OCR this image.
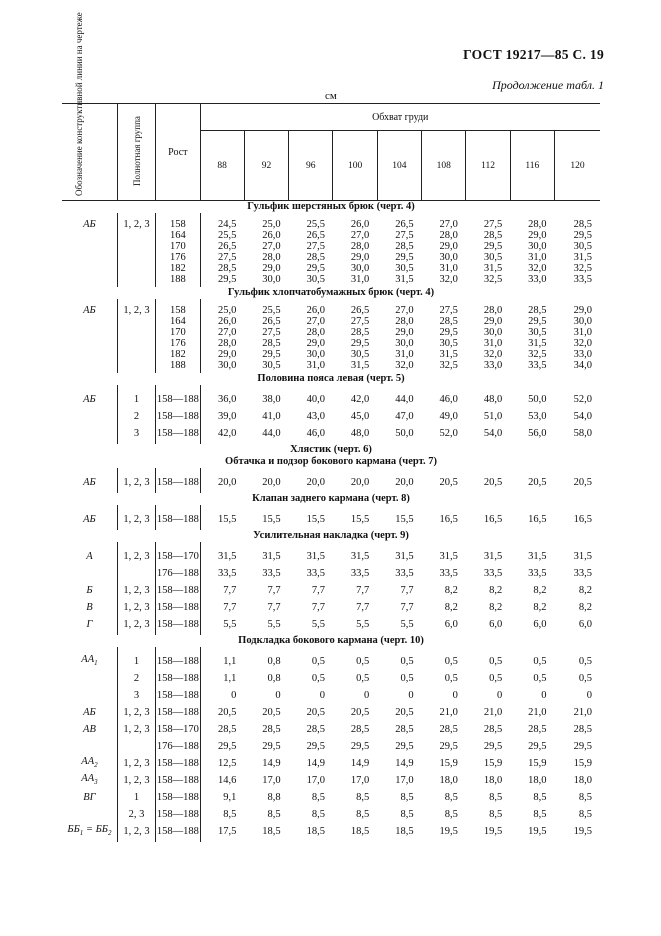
ГОСТ 19217—85 С. 19
Продолжение табл. 1
см
Обозначение конструктивной линии на чертеже	Полнотная группа	Рост	Обхват груди								
			88	92	96	100	104	108	112	116	120

Гульфик шерстяных брюк (черт. 4)											

АБ	1, 2, 3	158	24,5	25,0	25,5	26,0	26,5	27,0	27,5	28,0	28,5
		164	25,5	26,0	26,5	27,0	27,5	28,0	28,5	29,0	29,5
		170	26,5	27,0	27,5	28,0	28,5	29,0	29,5	30,0	30,5
		176	27,5	28,0	28,5	29,0	29,5	30,0	30,5	31,0	31,5
		182	28,5	29,0	29,5	30,0	30,5	31,0	31,5	32,0	32,5
		188	29,5	30,0	30,5	31,0	31,5	32,0	32,5	33,0	33,5

Гульфик хлопчатобумажных брюк (черт. 4)											

АБ	1, 2, 3	158	25,0	25,5	26,0	26,5	27,0	27,5	28,0	28,5	29,0
		164	26,0	26,5	27,0	27,5	28,0	28,5	29,0	29,5	30,0
		170	27,0	27,5	28,0	28,5	29,0	29,5	30,0	30,5	31,0
		176	28,0	28,5	29,0	29,5	30,0	30,5	31,0	31,5	32,0
		182	29,0	29,5	30,0	30,5	31,0	31,5	32,0	32,5	33,0
		188	30,0	30,5	31,0	31,5	32,0	32,5	33,0	33,5	34,0

Половина пояса левая (черт. 5)											

АБ	1	158—188	36,0	38,0	40,0	42,0	44,0	46,0	48,0	50,0	52,0
	2	158—188	39,0	41,0	43,0	45,0	47,0	49,0	51,0	53,0	54,0
	3	158—188	42,0	44,0	46,0	48,0	50,0	52,0	54,0	56,0	58,0

Хлястик (черт. 6)
Обтачка и подзор бокового кармана (черт. 7)											

АБ	1, 2, 3	158—188	20,0	20,0	20,0	20,0	20,0	20,5	20,5	20,5	20,5

Клапан заднего кармана (черт. 8)											

АБ	1, 2, 3	158—188	15,5	15,5	15,5	15,5	15,5	16,5	16,5	16,5	16,5

Усилительная накладка (черт. 9)											

А	1, 2, 3	158—170	31,5	31,5	31,5	31,5	31,5	31,5	31,5	31,5	31,5
		176—188	33,5	33,5	33,5	33,5	33,5	33,5	33,5	33,5	33,5
Б	1, 2, 3	158—188	7,7	7,7	7,7	7,7	7,7	8,2	8,2	8,2	8,2
В	1, 2, 3	158—188	7,7	7,7	7,7	7,7	7,7	8,2	8,2	8,2	8,2
Г	1, 2, 3	158—188	5,5	5,5	5,5	5,5	5,5	6,0	6,0	6,0	6,0

Подкладка бокового кармана (черт. 10)											

$АА_1$	1	158—188	1,1	0,8	0,5	0,5	0,5	0,5	0,5	0,5	0,5
	2	158—188	1,1	0,8	0,5	0,5	0,5	0,5	0,5	0,5	0,5
	3	158—188	0	0	0	0	0	0	0	0	0
АБ	1, 2, 3	158—188	20,5	20,5	20,5	20,5	20,5	21,0	21,0	21,0	21,0
АВ	1, 2, 3	158—170	28,5	28,5	28,5	28,5	28,5	28,5	28,5	28,5	28,5
		176—188	29,5	29,5	29,5	29,5	29,5	29,5	29,5	29,5	29,5
$АА_2$	1, 2, 3	158—188	12,5	14,9	14,9	14,9	14,9	15,9	15,9	15,9	15,9
$АА_3$	1, 2, 3	158—188	14,6	17,0	17,0	17,0	17,0	18,0	18,0	18,0	18,0
ВГ	1	158—188	9,1	8,8	8,5	8,5	8,5	8,5	8,5	8,5	8,5
	2, 3	158—188	8,5	8,5	8,5	8,5	8,5	8,5	8,5	8,5	8,5
$ББ_1 = ББ_2$	1, 2, 3	158—188	17,5	18,5	18,5	18,5	18,5	19,5	19,5	19,5	19,5
